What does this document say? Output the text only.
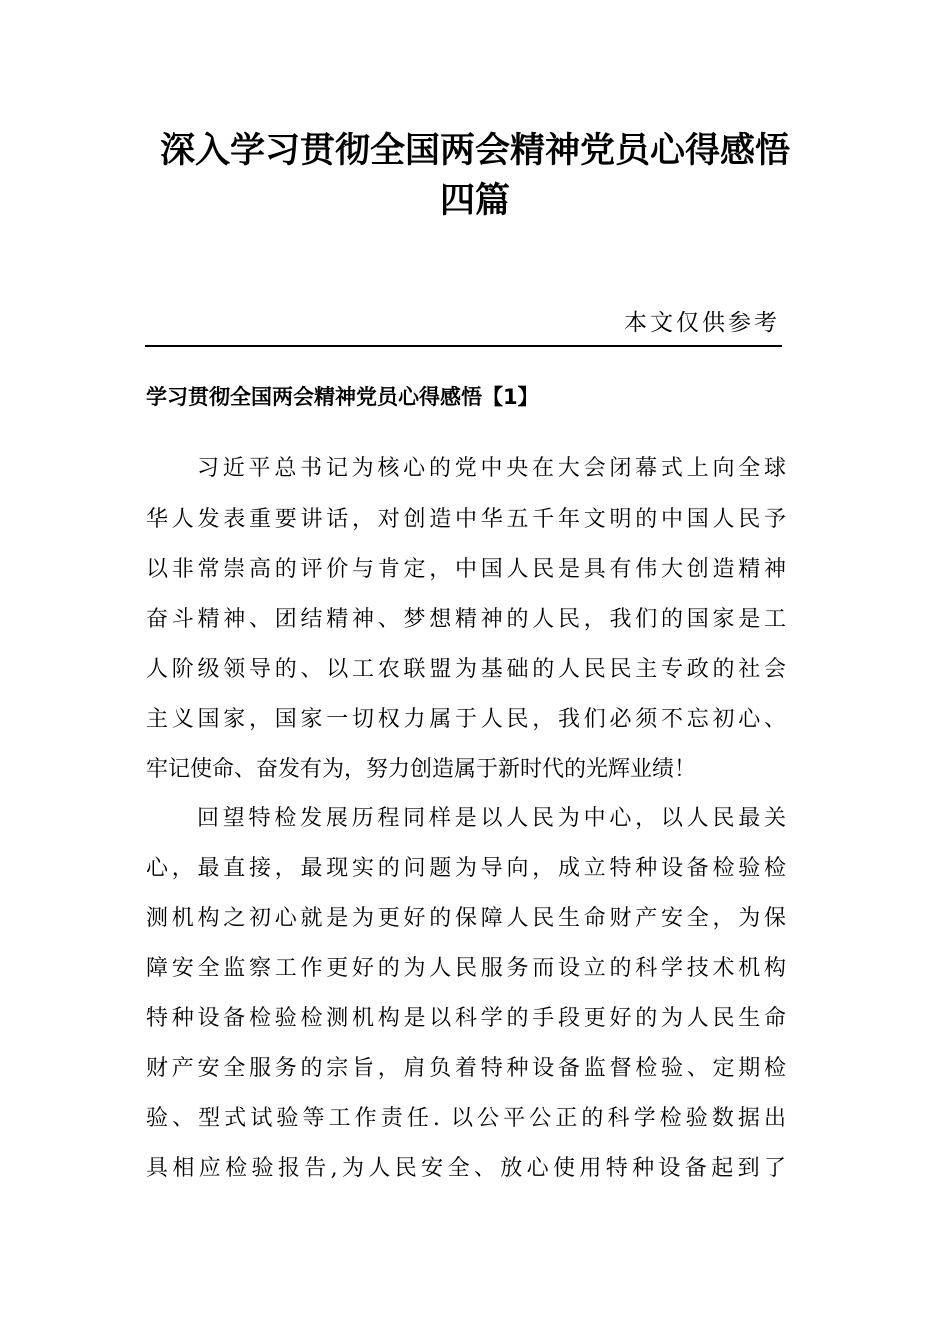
深入学习贯彻全国两会精神党员心得感悟
四篇
本文仅供参考
学习贯彻全国两会精神党员心得感悟【1】
习近平总书记为核心的党中央在大会闭幕式上向全球
华人发表重要讲话，对创造中华五千年文明的中国人民予
以非常崇高的评价与肯定，中国人民是具有伟大创造精神
奋斗精神、团结精神、梦想精神的人民，我们的国家是工
人阶级领导的、以工农联盟为基础的人民民主专政的社会
主义国家，国家一切权力属于人民，我们必须不忘初心、
牢记使命、奋发有为，努力创造属于新时代的光辉业绩！
回望特检发展历程同样是以人民为中心，以人民最关
心，最直接，最现实的问题为导向，成立特种设备检验检
测机构之初心就是为更好的保障人民生命财产安全，为保
障安全监察工作更好的为人民服务而设立的科学技术机构
特种设备检验检测机构是以科学的手段更好的为人民生命
财产安全服务的宗旨，肩负着特种设备监督检验、定期检
验、型式试验等工作责任. 以公平公正的科学检验数据出
具相应检验报告,为人民安全、放心使用特种设备起到了
